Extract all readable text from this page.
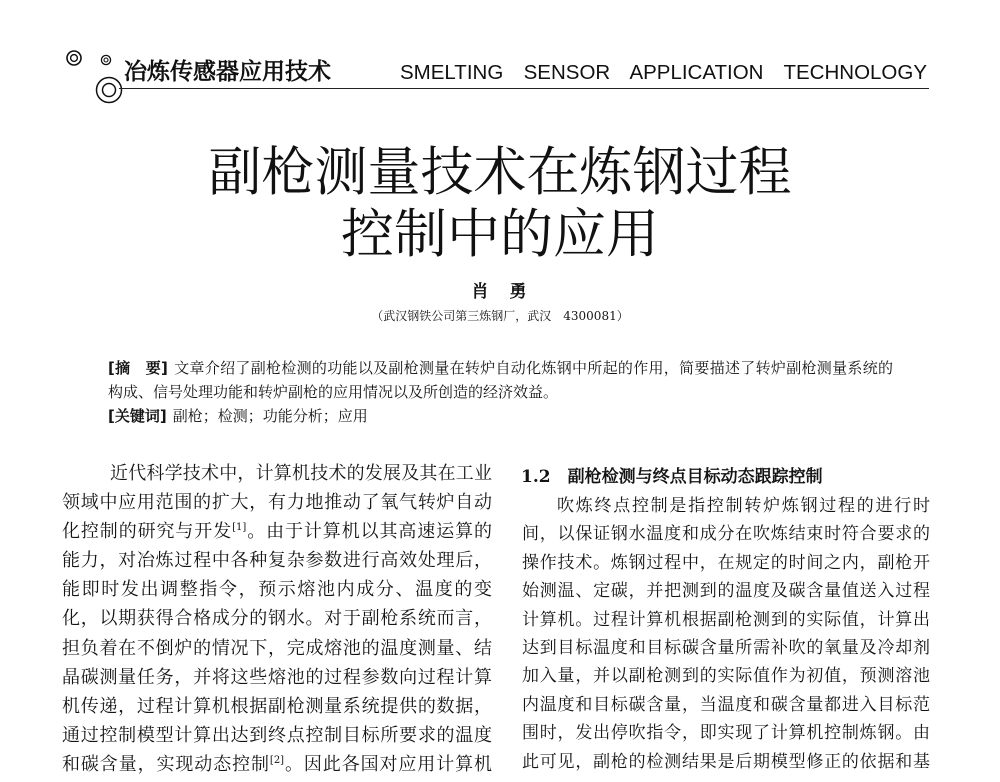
冶炼传感器应用技术	SMELTING SENSOR APPLICATION TECHNOLOGY
副枪测量技术在炼钢过程
控制中的应用
肖　勇
（武汉钢铁公司第三炼钢厂，武汉　4300081）
[摘　要] 文章介绍了副枪检测的功能以及副枪测量在转炉自动化炼钢中所起的作用，简要描述了转炉副枪测量系统的
构成、信号处理功能和转炉副枪的应用情况以及所创造的经济效益。
[关键词] 副枪；检测；功能分析；应用
近代科学技术中，计算机技术的发展及其在工业
领域中应用范围的扩大，有力地推动了氧气转炉自动
化控制的研究与开发[1]。由于计算机以其高速运算的
能力，对冶炼过程中各种复杂参数进行高效处理后，
能即时发出调整指令，预示熔池内成分、温度的变
化，以期获得合格成分的钢水。对于副枪系统而言，
担负着在不倒炉的情况下，完成熔池的温度测量、结
晶碳测量任务，并将这些熔池的过程参数向过程计算
机传递，过程计算机根据副枪测量系统提供的数据，
通过控制模型计算出达到终点控制目标所要求的温度
和碳含量，实现动态控制[2]。因此各国对应用计算机
1.2 副枪检测与终点目标动态跟踪控制
吹炼终点控制是指控制转炉炼钢过程的进行时
间，以保证钢水温度和成分在吹炼结束时符合要求的
操作技术。炼钢过程中，在规定的时间之内，副枪开
始测温、定碳，并把测到的温度及碳含量值送入过程
计算机。过程计算机根据副枪测到的实际值，计算出
达到目标温度和目标碳含量所需补吹的氧量及冷却剂
加入量，并以副枪测到的实际值作为初值，预测溶池
内温度和目标碳含量，当温度和碳含量都进入目标范
围时，发出停吹指令，即实现了计算机控制炼钢。由
此可见，副枪的检测结果是后期模型修正的依据和基
